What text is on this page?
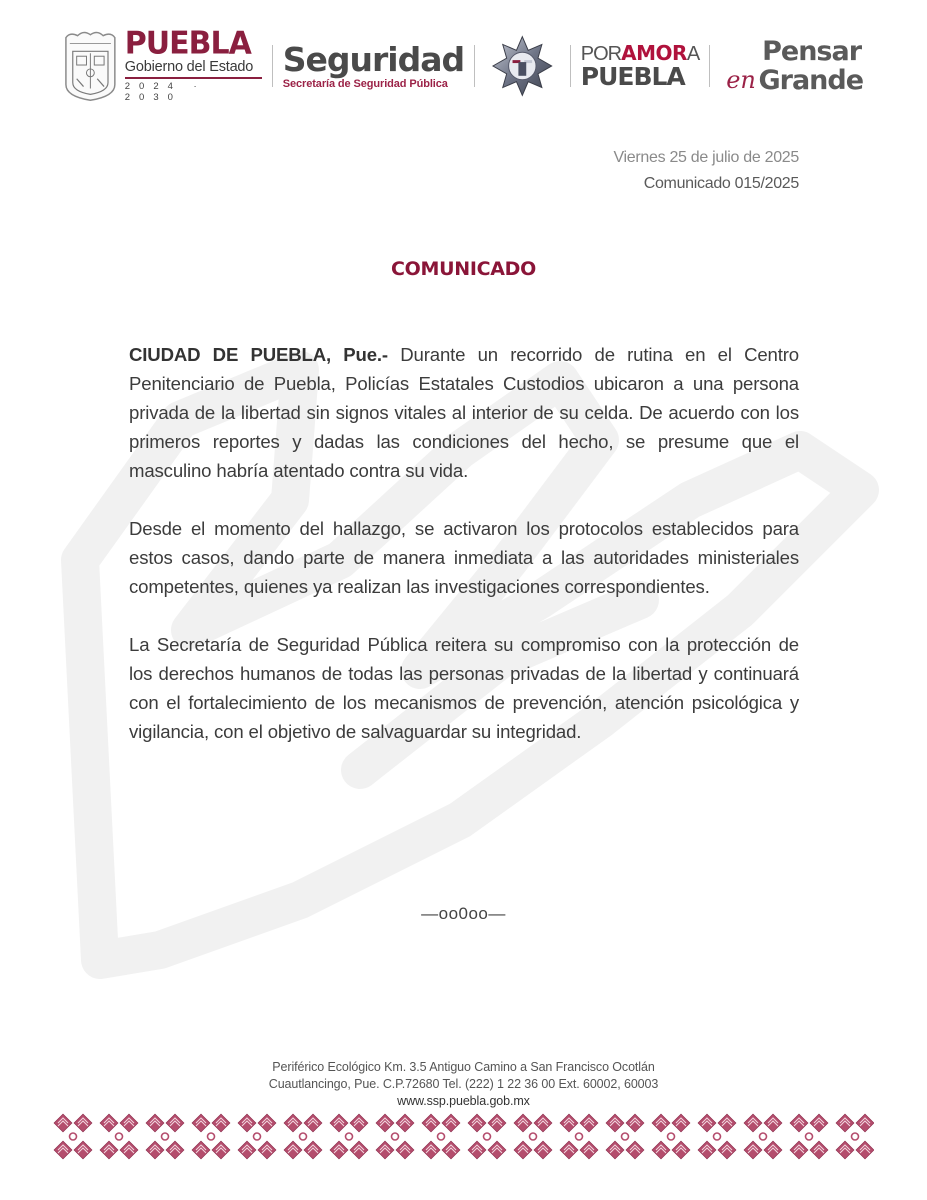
PUEBLA
Gobierno del Estado
2024 · 2030
Seguridad
Secretaría de Seguridad Pública
PORAMORA
PUEBLA
Pensar
en Grande
Viernes 25 de julio de 2025
Comunicado 015/2025
COMUNICADO

CIUDAD DE PUEBLA, Pue.- Durante un recorrido de rutina en el Centro Penitenciario de Puebla, Policías Estatales Custodios ubicaron a una persona privada de la libertad sin signos vitales al interior de su celda. De acuerdo con los primeros reportes y dadas las condiciones del hecho, se presume que el masculino habría atentado contra su vida.

Desde el momento del hallazgo, se activaron los protocolos establecidos para estos casos, dando parte de manera inmediata a las autoridades ministeriales competentes, quienes ya realizan las investigaciones correspondientes.

La Secretaría de Seguridad Pública reitera su compromiso con la protección de los derechos humanos de todas las personas privadas de la libertad y continuará con el fortalecimiento de los mecanismos de prevención, atención psicológica y vigilancia, con el objetivo de salvaguardar su integridad.

—oo0oo—
Periférico Ecológico Km. 3.5 Antiguo Camino a San Francisco Ocotlán
Cuautlancingo, Pue. C.P.72680 Tel. (222) 1 22 36 00 Ext. 60002, 60003
www.ssp.puebla.gob.mx
